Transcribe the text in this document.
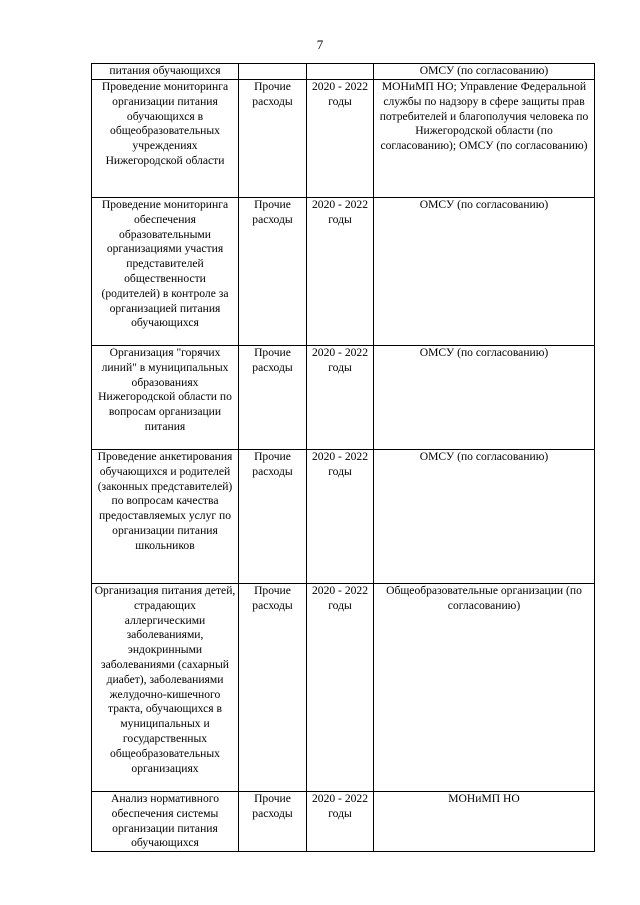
7
питания обучающихся			ОМСУ (по согласованию)

Проведение мониторинга организации питания обучающихся в общеобразовательных учреждениях Нижегородской области	Прочие расходы	2020 - 2022 годы	МОНиМП НО; Управление Федеральной службы по надзору в сфере защиты прав потребителей и благополучия человека по Нижегородской области (по согласованию); ОМСУ (по согласованию)

Проведение мониторинга обеспечения образовательными организациями участия представителей общественности (родителей) в контроле за организацией питания обучающихся	Прочие расходы	2020 - 2022 годы	ОМСУ (по согласованию)

Организация "горячих линий" в муниципальных образованиях Нижегородской области по вопросам организации питания	Прочие расходы	2020 - 2022 годы	ОМСУ (по согласованию)

Проведение анкетирования обучающихся и родителей (законных представителей) по вопросам качества предоставляемых услуг по организации питания школьников	Прочие расходы	2020 - 2022 годы	ОМСУ (по согласованию)

Организация питания детей, страдающих аллергическими заболеваниями, эндокринными заболеваниями (сахарный диабет), заболеваниями желудочно-кишечного тракта, обучающихся в муниципальных и государственных общеобразовательных организациях	Прочие расходы	2020 - 2022 годы	Общеобразовательные организации (по согласованию)

Анализ нормативного обеспечения системы организации питания обучающихся	Прочие расходы	2020 - 2022 годы	МОНиМП НО
